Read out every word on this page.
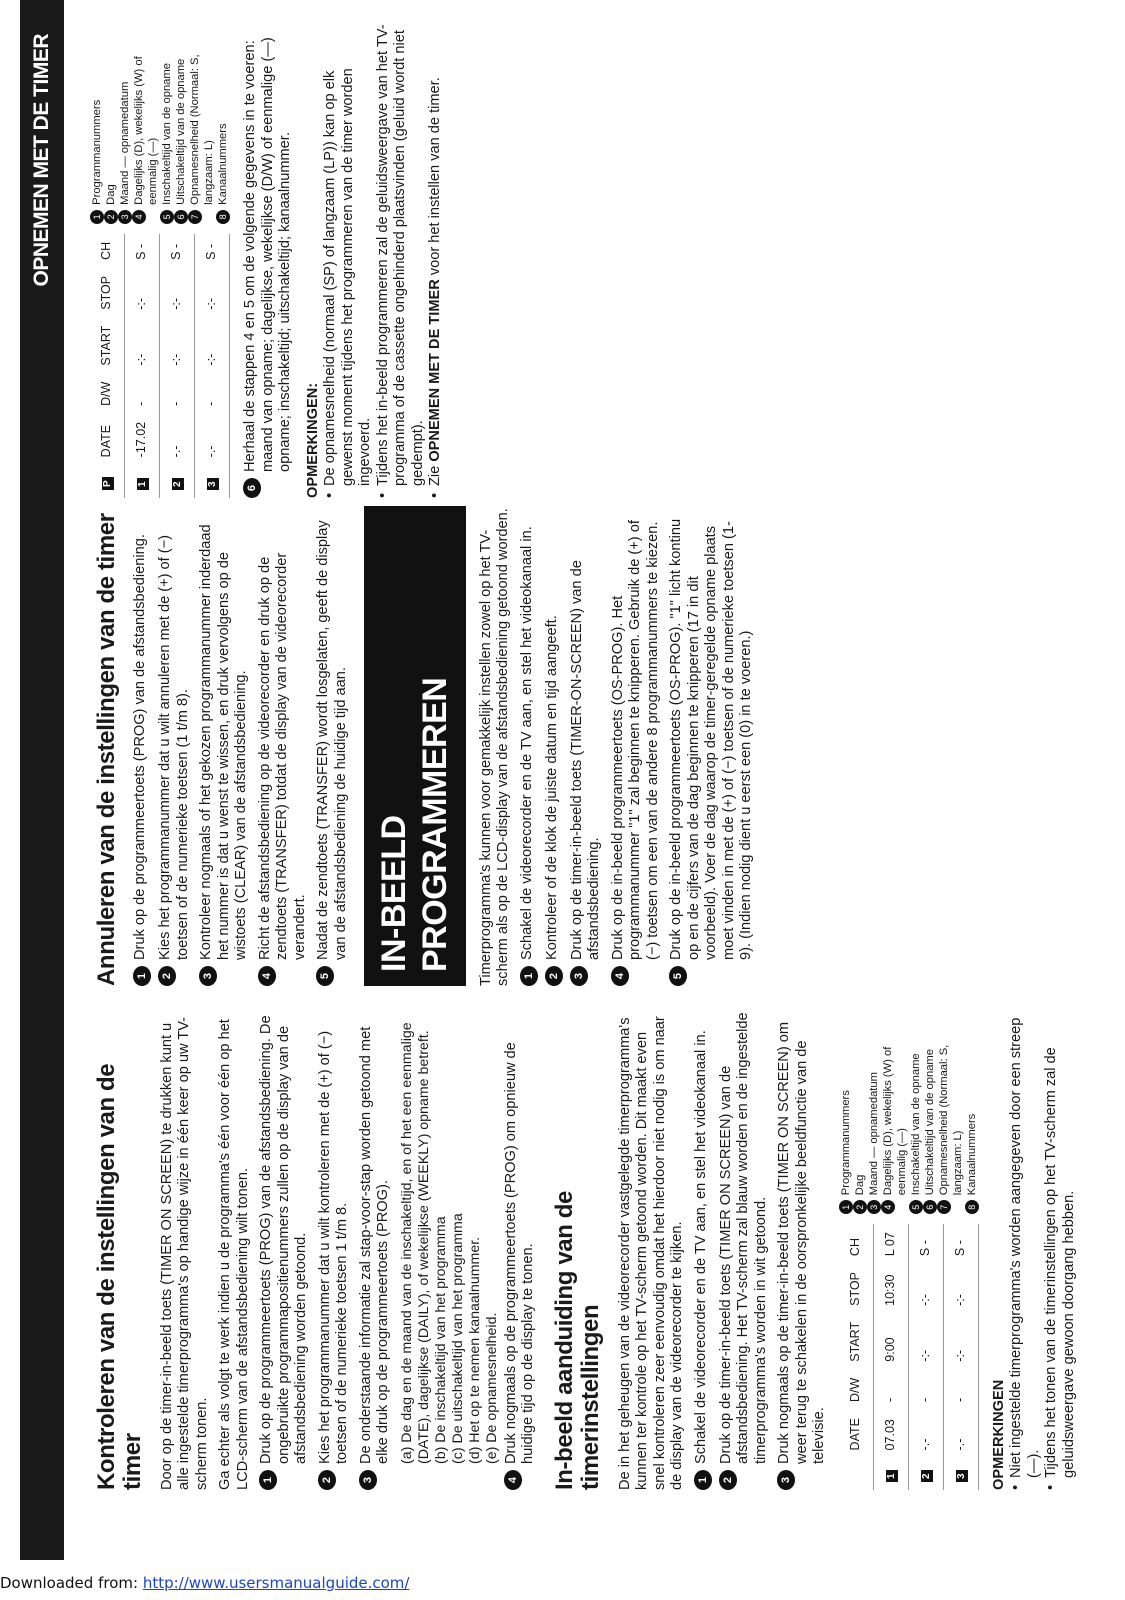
OPNEMEN MET DE TIMER
Kontroleren van de instellingen van de timer Door op de timer-in-beeld toets (TIMER ON SCREEN) te drukken kunt u alle ingestelde timerprogramma's op handige wijze in één keer op uw TV-scherm tonen. Ga echter als volgt te werk indien u de programma's één voor één op het LCD-scherm van de afstandsbediening wilt tonen. 1
Druk op de programmeertoets (PROG) van de afstandsbediening. De ongebruikte programmapositienummers zullen op de display van de afstandsbediening worden getoond.
2
Kies het programmanummer dat u wilt kontroleren met de (+) of (−) toetsen of de numerieke toetsen 1 t/m 8.
3
De onderstaande informatie zal stap-voor-stap worden getoond met elke druk op de programmeertoets (PROG). (a) De dag en de maand van de inschakeltijd, en of het een eenmalige (DATE), dagelijkse (DAILY), of wekelijkse (WEEKLY) opname betreft. (b) De inschakeltijd van het programma (c) De uitschakeltijd van het programma (d) Het op te nemen kanaalnummer. (e) De opnamesnelheid.

4
Druk nogmaals op de programmeertoets (PROG) om opnieuw de huidige tijd op de display te tonen. In-beeld aanduiding van de timerinstellingen De in het geheugen van de videorecorder vastgelegde timerprogramma's kunnen ter kontrole op het TV-scherm getoond worden. Dit maakt even snel kontroleren zeer eenvoudig omdat het hierdoor niet nodig is om naar de display van de videorecorder te kijken. 1
Schakel de videorecorder en de TV aan, en stel het videokanaal in.
2
Druk op de timer-in-beeld toets (TIMER ON SCREEN) van de afstandsbediening. Het TV-scherm zal blauw worden en de ingestelde timerprogramma's worden in wit getoond.
3
Druk nogmaals op de timer-in-beeld toets (TIMER ON SCREEN) om weer terug te schakelen in de oorspronkelijke beeldfunctie van de televisie.
	DATE	D/W	START	STOP	CH
1	07.03	-	9:00	10:30	L 07
2	-.-	-	-:-	-:-	S -
3	-.-	-	-:-	-:-	S -
1
Programmanummers
2
Dag
3
Maand — opnamedatum
4
Dagelijks (D), wekelijks (W) of eenmalig (—)
5
Inschakeltijd van de opname
6
Uitschakeltijd van de opname
7
Opnamesnelheid (Normaal: S, langzaam: L)
8
Kanaalnummers
OPMERKINGEN • Niet ingestelde timerprogramma's worden aangegeven door een streep (—). • Tijdens het tonen van de timerinstellingen op het TV-scherm zal de geluidsweergave gewoon doorgang hebben.
Annuleren van de instellingen van de timer 1
Druk op de programmeertoets (PROG) van de afstandsbediening.
2
Kies het programmanummer dat u wilt annuleren met de (+) of (−) toetsen of de numerieke toetsen (1 t/m 8).
3
Kontroleer nogmaals of het gekozen programmanummer inderdaad het nummer is dat u wenst te wissen, en druk vervolgens op de wistoets (CLEAR) van de afstandsbediening.
4
Richt de afstandsbediening op de videorecorder en druk op de zendtoets (TRANSFER) totdat de display van de videorecorder verandert.
5
Nadat de zendtoets (TRANSFER) wordt losgelaten, geeft de display van de afstandsbediening de huidige tijd aan. IN-BEELD PROGRAMMEREN	Timerprogramma's kunnen voor gemakkelijk instellen zowel op het TV-scherm als op de LCD-display van de afstandsbediening getoond worden. 1
Schakel de videorecorder en de TV aan, en stel het videokanaal in.
2
Kontroleer of de klok de juiste datum en tijd aangeeft.
3
Druk op de timer-in-beeld toets (TIMER-ON-SCREEN) van de afstandsbediening.
4
Druk op de in-beeld programmeertoets (OS-PROG). Het programmanummer "1" zal beginnen te knipperen. Gebruik de (+) of (−) toetsen om een van de andere 8 programmanummers te kiezen.
5
Druk op de in-beeld programmeertoets (OS-PROG). "1" licht kontinu op en de cijfers van de dag beginnen te knipperen (17 in dit voorbeeld). Voer de dag waarop de timer-geregelde opname plaats moet vinden in met de (+) of (−) toetsen of de numerieke toetsen (1-9). (Indien nodig dient u eerst een (0) in te voeren.)
P	DATE	D/W	START	STOP	CH
1	-17.02	-	-:-	-:-	S -
2	-.-	-	-:-	-:-	S -
3	-.-	-	-:-	-:-	S -
1
Programmanummers
2
Dag
3
Maand — opnamedatum
4
Dagelijks (D), wekelijks (W) of eenmalig (—)
5
Inschakeltijd van de opname
6
Uitschakeltijd van de opname
7
Opnamesnelheid (Normaal: S, langzaam: L)
8
Kanaalnummers
6
Herhaal de stappen 4 en 5 om de volgende gegevens in te voeren: maand van opname; dagelijkse, wekelijkse (D/W) of eenmalige (—) opname; inschakeltijd; uitschakeltijd; kanaalnummer. OPMERKINGEN: • De opnamesnelheid (normaal (SP) of langzaam (LP)) kan op elk gewenst moment tijdens het programmeren van de timer worden ingevoerd. • Tijdens het in-beeld programmeren zal de geluidsweergave van het TV-programma of de cassette ongehinderd plaatsvinden (geluid wordt niet gedempt). • Zie OPNEMEN MET DE TIMER voor het instellen van de timer.
Downloaded from: http://www.usersmanualguide.com/
